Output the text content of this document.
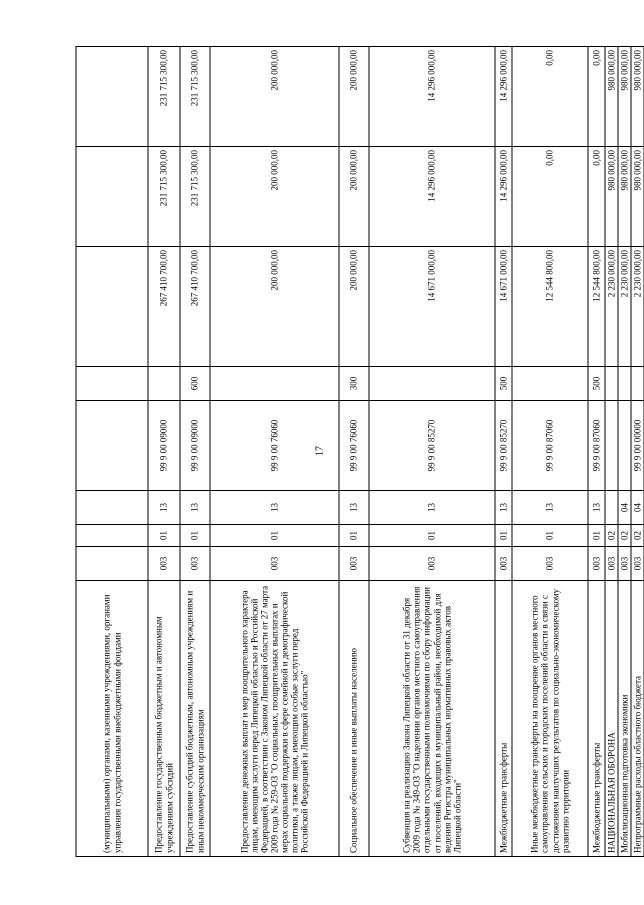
17
(муниципальными) органами, казенными учреждениями, органами управления государственными внебюджетными фондами								
Предоставление государственным бюджетным и автономным учреждениям субсидий	003	01	13	99 9 00 09000		267 410 700,00	231 715 300,00	231 715 300,00
Предоставление субсидий бюджетным, автономным учреждениям и иным некоммерческим организациям	003	01	13	99 9 00 09000	600	267 410 700,00	231 715 300,00	231 715 300,00
Предоставление денежных выплат и мер поощрительного характера лицам, имеющим заслуги перед Липецкой областью и Российской Федерацией, в соответствии с Законом Липецкой области от 27 марта 2009 года № 259-ОЗ "О социальных, поощрительных выплатах и мерах социальной поддержки в сфере семейной и демографической политики, а также лицам, имеющим особые заслуги перед Российской Федерацией и Липецкой областью"	003	01	13	99 9 00 76060		200 000,00	200 000,00	200 000,00
Социальное обеспечение и иные выплаты населению	003	01	13	99 9 00 76060	300	200 000,00	200 000,00	200 000,00
Субвенция на реализацию Закона Липецкой области от 31 декабря 2009 года № 349-ОЗ "О наделении органов местного самоуправления отдельными государственными полномочиями по сбору информации от поселений, входящих в муниципальный район, необходимой для ведения Регистра муниципальных нормативных правовых актов Липецкой области"	003	01	13	99 9 00 85270		14 671 000,00	14 296 000,00	14 296 000,00
Межбюджетные трансферты	003	01	13	99 9 00 85270	500	14 671 000,00	14 296 000,00	14 296 000,00
Иные межбюджетные трансферты на поощрение органов местного самоуправления сельских и городских поселений области в связи с достижением наилучших результатов по социально-экономическому развитию территории	003	01	13	99 9 00 87060		12 544 800,00	0,00	0,00
Межбюджетные трансферты	003	01	13	99 9 00 87060	500	12 544 800,00	0,00	0,00
НАЦИОНАЛЬНАЯ ОБОРОНА	003	02				2 230 000,00	980 000,00	980 000,00
Мобилизационная подготовка экономики	003	02	04			2 230 000,00	980 000,00	980 000,00
Непрограммные расходы областного бюджета	003	02	04	99 9 00 00000		2 230 000,00	980 000,00	980 000,00
